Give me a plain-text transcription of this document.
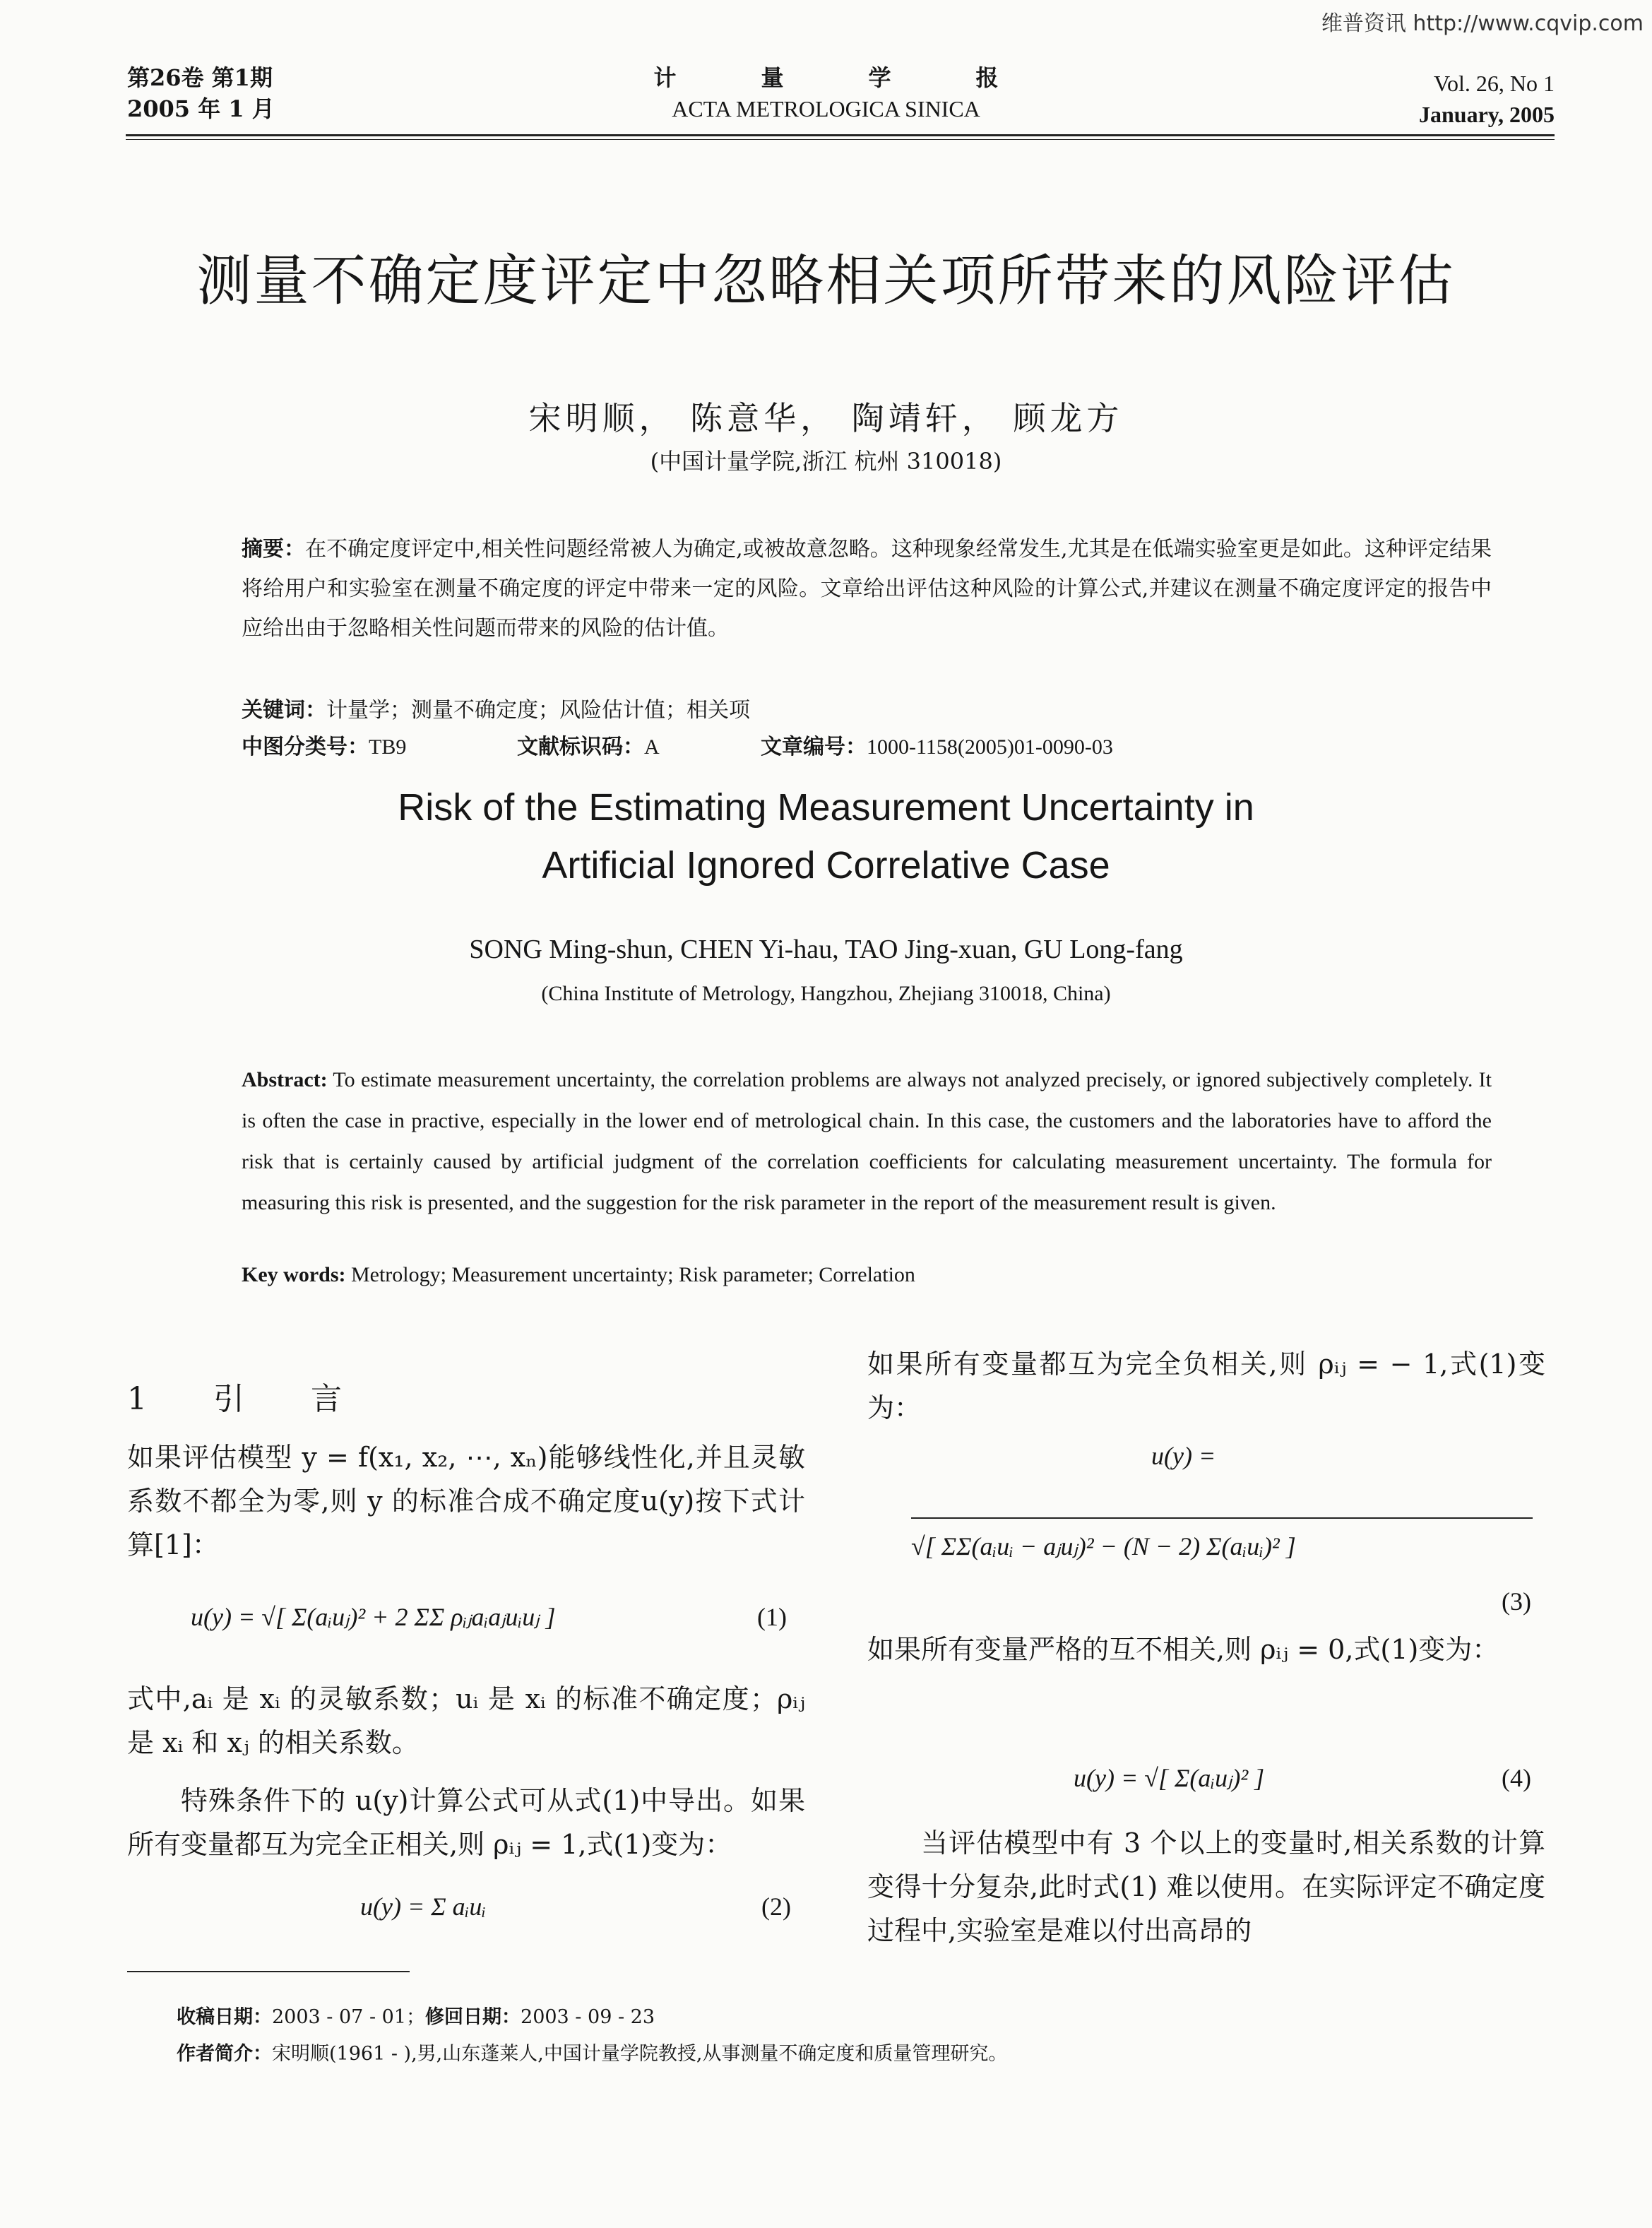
维普资讯 http://www.cqvip.com
第26卷 第1期
2005 年 1 月
计量学报
ACTA METROLOGICA SINICA
Vol. 26, No 1
January, 2005
测量不确定度评定中忽略相关项所带来的风险评估
宋明顺， 陈意华， 陶靖轩， 顾龙方
(中国计量学院,浙江 杭州 310018)
摘要：在不确定度评定中,相关性问题经常被人为确定,或被故意忽略。这种现象经常发生,尤其是在低端实验室更是如此。这种评定结果将给用户和实验室在测量不确定度的评定中带来一定的风险。文章给出评估这种风险的计算公式,并建议在测量不确定度评定的报告中应给出由于忽略相关性问题而带来的风险的估计值。
关键词：计量学；测量不确定度；风险估计值；相关项
中图分类号：TB9	文献标识码：A	文章编号：1000-1158(2005)01-0090-03
Risk of the Estimating Measurement Uncertainty in
Artificial Ignored Correlative Case
SONG Ming-shun, CHEN Yi-hau, TAO Jing-xuan, GU Long-fang
(China Institute of Metrology, Hangzhou, Zhejiang 310018, China)
Abstract: To estimate measurement uncertainty, the correlation problems are always not analyzed precisely, or ignored subjectively completely. It is often the case in practive, especially in the lower end of metrological chain. In this case, the customers and the laboratories have to afford the risk that is certainly caused by artificial judgment of the correlation coefficients for calculating measurement uncertainty. The formula for measuring this risk is presented, and the suggestion for the risk parameter in the report of the measurement result is given.
Key words: Metrology; Measurement uncertainty; Risk parameter; Correlation
1 引 言
如果评估模型 y = f(x₁, x₂, ⋯, xₙ)能够线性化,并且灵敏系数不都全为零,则 y 的标准合成不确定度u(y)按下式计算[1]：
u(y) = √[ Σ(aᵢuⱼ)² + 2 ΣΣ ρᵢⱼaᵢaⱼuᵢuⱼ ]	(1)
式中,aᵢ 是 xᵢ 的灵敏系数；uᵢ 是 xᵢ 的标准不确定度；ρᵢⱼ是 xᵢ 和 xⱼ 的相关系数。
特殊条件下的 u(y)计算公式可从式(1)中导出。如果所有变量都互为完全正相关,则 ρᵢⱼ = 1,式(1)变为：
u(y) = Σ aᵢuᵢ	(2)
如果所有变量都互为完全负相关,则 ρᵢⱼ = − 1,式(1)变为：
u(y) =
√[ ΣΣ(aᵢuᵢ − aⱼuⱼ)² − (N − 2) Σ(aᵢuᵢ)² ]
(3)
如果所有变量严格的互不相关,则 ρᵢⱼ = 0,式(1)变为：
u(y) = √[ Σ(aᵢuⱼ)² ]	(4)
当评估模型中有 3 个以上的变量时,相关系数的计算变得十分复杂,此时式(1) 难以使用。在实际评定不确定度过程中,实验室是难以付出高昂的
收稿日期：2003 - 07 - 01；修回日期：2003 - 09 - 23
作者简介：宋明顺(1961 - ),男,山东蓬莱人,中国计量学院教授,从事测量不确定度和质量管理研究。
